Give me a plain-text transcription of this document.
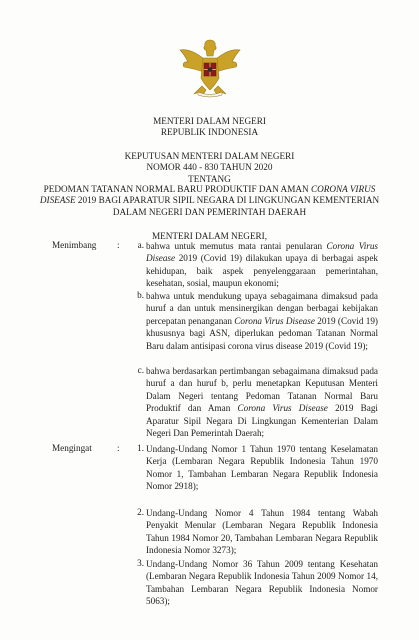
MENTERI DALAM NEGERI
REPUBLIK INDONESIA
KEPUTUSAN MENTERI DALAM NEGERI
NOMOR 440 - 830 TAHUN 2020
TENTANG
PEDOMAN TATANAN NORMAL BARU PRODUKTIF DAN AMAN CORONA VIRUS
DISEASE 2019 BAGI APARATUR SIPIL NEGARA DI LINGKUNGAN KEMENTERIAN
DALAM NEGERI DAN PEMERINTAH DAERAH
MENTERI DALAM NEGERI,
Menimbang :	a. bahwa untuk memutus mata rantai penularan Corona Virus Disease 2019 (Covid 19) dilakukan upaya di berbagai aspek kehidupan, baik aspek penyelenggaraan pemerintahan, kesehatan, sosial, maupun ekonomi;
b. bahwa untuk mendukung upaya sebagaimana dimaksud pada huruf a dan untuk mensinergikan dengan berbagai kebijakan percepatan penanganan Corona Virus Disease 2019 (Covid 19) khususnya bagi ASN, diperlukan pedoman Tatanan Normal Baru dalam antisipasi corona virus disease 2019 (Covid 19);
c. bahwa berdasarkan pertimbangan sebagaimana dimaksud pada huruf a dan huruf b, perlu menetapkan Keputusan Menteri Dalam Negeri tentang Pedoman Tatanan Normal Baru Produktif dan Aman Corona Virus Disease 2019 Bagi Aparatur Sipil Negara Di Lingkungan Kementerian Dalam Negeri Dan Pemerintah Daerah;
Mengingat	:	1. Undang-Undang Nomor 1 Tahun 1970 tentang Keselamatan Kerja (Lembaran Negara Republik Indonesia Tahun 1970 Nomor 1, Tambahan Lembaran Negara Republik Indonesia Nomor 2918);
2. Undang-Undang Nomor 4 Tahun 1984 tentang Wabah Penyakit Menular (Lembaran Negara Republik Indonesia Tahun 1984 Nomor 20, Tambahan Lembaran Negara Republik Indonesia Nomor 3273);
3. Undang-Undang Nomor 36 Tahun 2009 tentang Kesehatan (Lembaran Negara Republik Indonesia Tahun 2009 Nomor 14, Tambahan Lembaran Negara Republik Indonesia Nomor 5063);
